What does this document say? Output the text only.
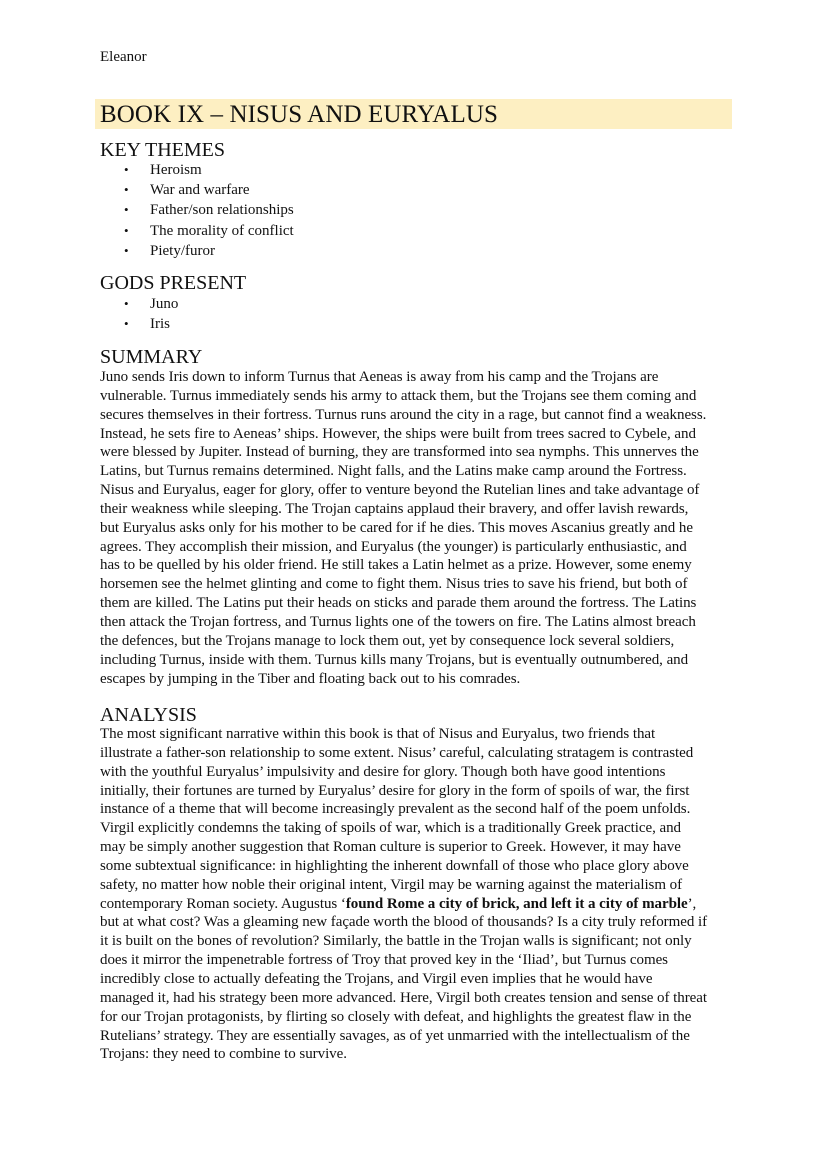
Eleanor
BOOK IX – NISUS AND EURYALUS
KEY THEMES
• Heroism
• War and warfare
• Father/son relationships
• The morality of conflict
• Piety/furor
GODS PRESENT
• Juno
• Iris
SUMMARY
Juno sends Iris down to inform Turnus that Aeneas is away from his camp and the Trojans are
vulnerable. Turnus immediately sends his army to attack them, but the Trojans see them coming and
secures themselves in their fortress. Turnus runs around the city in a rage, but cannot find a weakness.
Instead, he sets fire to Aeneas’ ships. However, the ships were built from trees sacred to Cybele, and
were blessed by Jupiter. Instead of burning, they are transformed into sea nymphs. This unnerves the
Latins, but Turnus remains determined. Night falls, and the Latins make camp around the Fortress.
Nisus and Euryalus, eager for glory, offer to venture beyond the Rutelian lines and take advantage of
their weakness while sleeping. The Trojan captains applaud their bravery, and offer lavish rewards,
but Euryalus asks only for his mother to be cared for if he dies. This moves Ascanius greatly and he
agrees. They accomplish their mission, and Euryalus (the younger) is particularly enthusiastic, and
has to be quelled by his older friend. He still takes a Latin helmet as a prize. However, some enemy
horsemen see the helmet glinting and come to fight them. Nisus tries to save his friend, but both of
them are killed. The Latins put their heads on sticks and parade them around the fortress. The Latins
then attack the Trojan fortress, and Turnus lights one of the towers on fire. The Latins almost breach
the defences, but the Trojans manage to lock them out, yet by consequence lock several soldiers,
including Turnus, inside with them. Turnus kills many Trojans, but is eventually outnumbered, and
escapes by jumping in the Tiber and floating back out to his comrades.
ANALYSIS
The most significant narrative within this book is that of Nisus and Euryalus, two friends that
illustrate a father-son relationship to some extent. Nisus’ careful, calculating stratagem is contrasted
with the youthful Euryalus’ impulsivity and desire for glory. Though both have good intentions
initially, their fortunes are turned by Euryalus’ desire for glory in the form of spoils of war, the first
instance of a theme that will become increasingly prevalent as the second half of the poem unfolds.
Virgil explicitly condemns the taking of spoils of war, which is a traditionally Greek practice, and
may be simply another suggestion that Roman culture is superior to Greek. However, it may have
some subtextual significance: in highlighting the inherent downfall of those who place glory above
safety, no matter how noble their original intent, Virgil may be warning against the materialism of
contemporary Roman society. Augustus ‘found Rome a city of brick, and left it a city of marble’,
but at what cost? Was a gleaming new façade worth the blood of thousands? Is a city truly reformed if
it is built on the bones of revolution? Similarly, the battle in the Trojan walls is significant; not only
does it mirror the impenetrable fortress of Troy that proved key in the ‘Iliad’, but Turnus comes
incredibly close to actually defeating the Trojans, and Virgil even implies that he would have
managed it, had his strategy been more advanced. Here, Virgil both creates tension and sense of threat
for our Trojan protagonists, by flirting so closely with defeat, and highlights the greatest flaw in the
Rutelians’ strategy. They are essentially savages, as of yet unmarried with the intellectualism of the
Trojans: they need to combine to survive.
